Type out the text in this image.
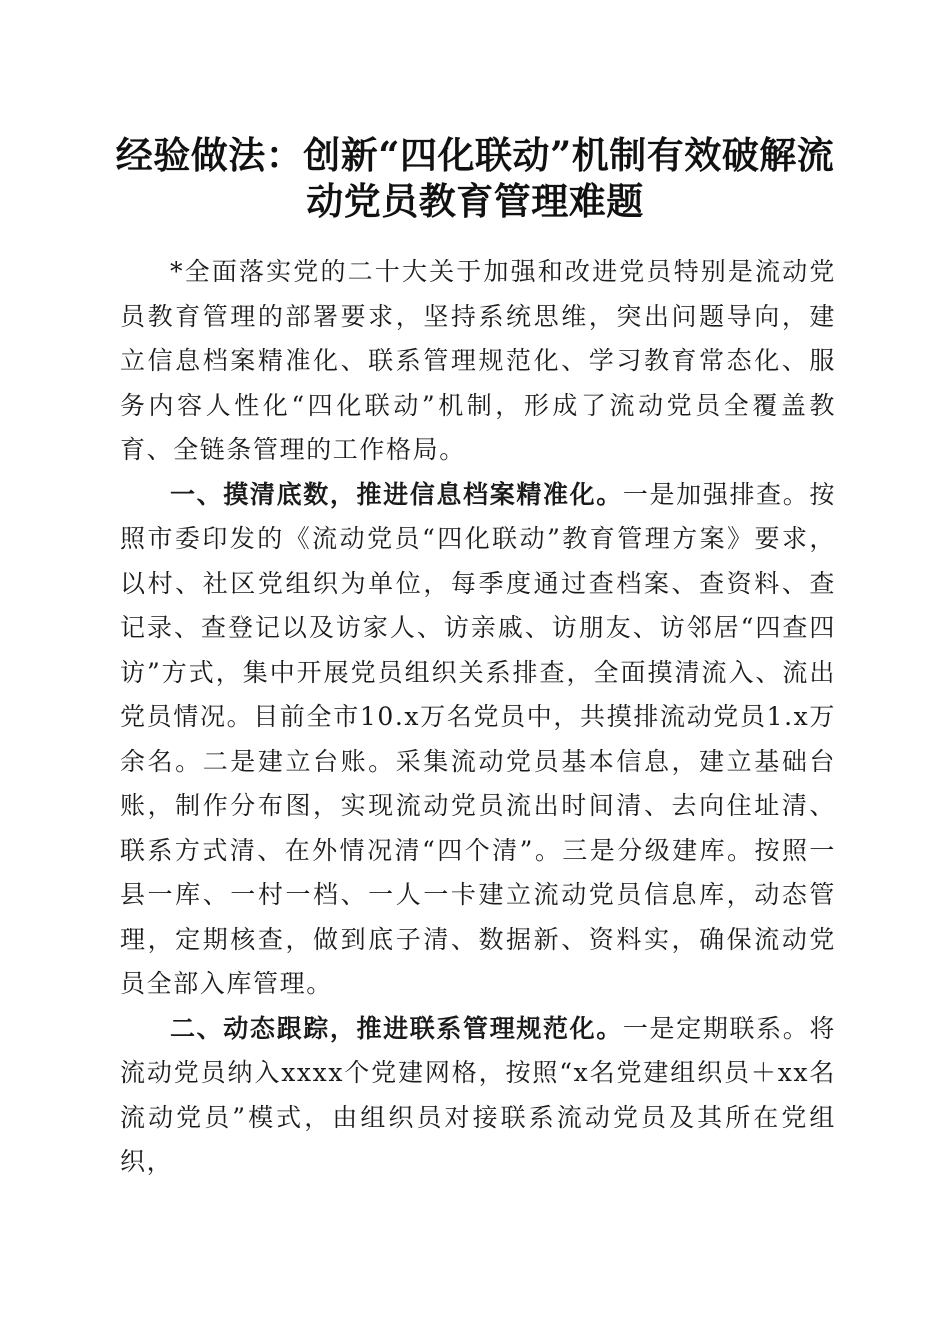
经验做法：创新“四化联动”机制有效破解流
动党员教育管理难题

*全面落实党的二十大关于加强和改进党员特别是流动党员教育管理的部署要求，坚持系统思维，突出问题导向，建立信息档案精准化、联系管理规范化、学习教育常态化、服务内容人性化“四化联动”机制，形成了流动党员全覆盖教育、全链条管理的工作格局。

一、摸清底数，推进信息档案精准化。一是加强排查。按照市委印发的《流动党员“四化联动”教育管理方案》要求，以村、社区党组织为单位，每季度通过查档案、查资料、查记录、查登记以及访家人、访亲戚、访朋友、访邻居“四查四访”方式，集中开展党员组织关系排查，全面摸清流入、流出党员情况。目前全市10.x万名党员中，共摸排流动党员1.x万余名。二是建立台账。采集流动党员基本信息，建立基础台账，制作分布图，实现流动党员流出时间清、去向住址清、联系方式清、在外情况清“四个清”。三是分级建库。按照一县一库、一村一档、一人一卡建立流动党员信息库，动态管理，定期核查，做到底子清、数据新、资料实，确保流动党员全部入库管理。

二、动态跟踪，推进联系管理规范化。一是定期联系。将流动党员纳入xxxx个党建网格，按照“x名党建组织员＋xx名流动党员”模式，由组织员对接联系流动党员及其所在党组织，
